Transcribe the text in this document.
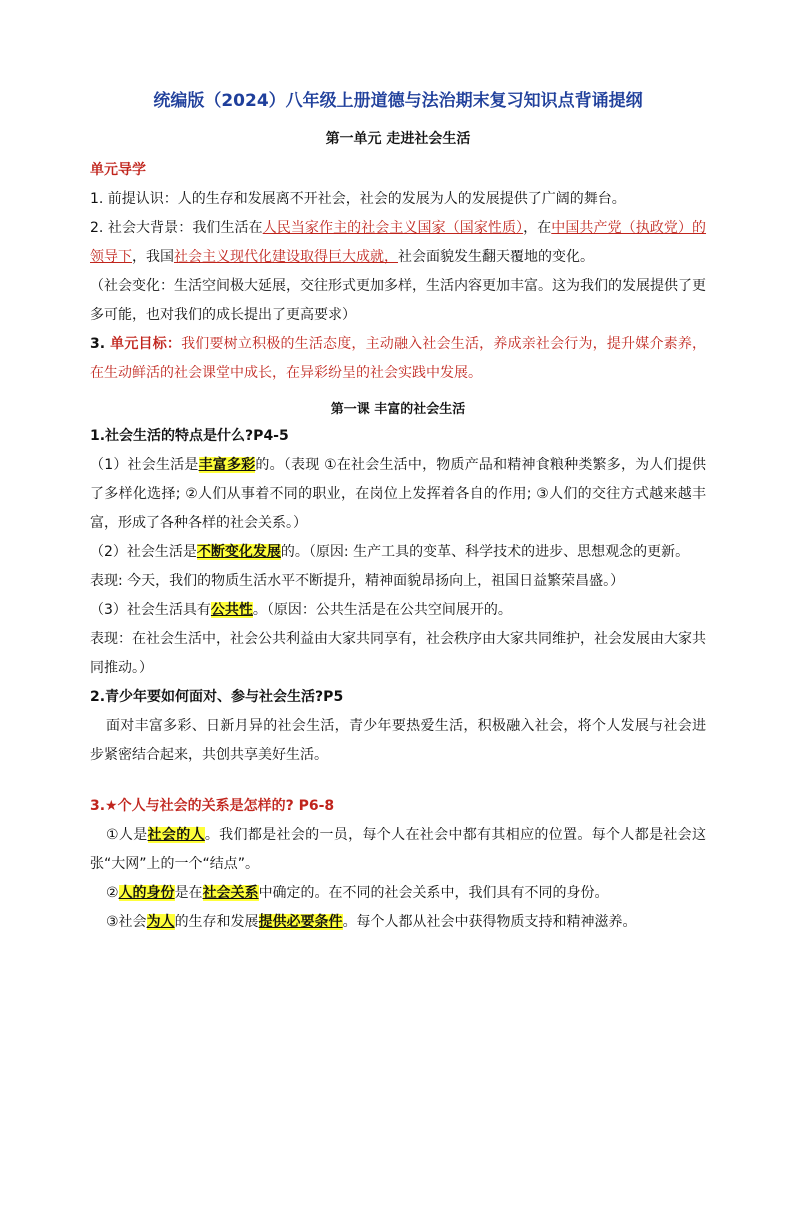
统编版（2024）八年级上册道德与法治期末复习知识点背诵提纲
第一单元 走进社会生活

单元导学

1. 前提认识：人的生存和发展离不开社会，社会的发展为人的发展提供了广阔的舞台。

2. 社会大背景：我们生活在人民当家作主的社会主义国家（国家性质），在中国共产党（执政党）的领导下，我国社会主义现代化建设取得巨大成就，社会面貌发生翻天覆地的变化。

（社会变化：生活空间极大延展，交往形式更加多样，生活内容更加丰富。这为我们的发展提供了更多可能，也对我们的成长提出了更高要求）

3. 单元目标：我们要树立积极的生活态度，主动融入社会生活，养成亲社会行为，提升媒介素养，在生动鲜活的社会课堂中成长，在异彩纷呈的社会实践中发展。

第一课 丰富的社会生活
1.社会生活的特点是什么?P4-5

（1）社会生活是丰富多彩的。（表现 ①在社会生活中，物质产品和精神食粮种类繁多，为人们提供了多样化选择; ②人们从事着不同的职业，在岗位上发挥着各自的作用; ③人们的交往方式越来越丰富，形成了各种各样的社会关系。）

（2）社会生活是不断变化发展的。（原因: 生产工具的变革、科学技术的进步、思想观念的更新。

表现: 今天，我们的物质生活水平不断提升，精神面貌昂扬向上，祖国日益繁荣昌盛。）

（3）社会生活具有公共性。（原因：公共生活是在公共空间展开的。

表现：在社会生活中，社会公共利益由大家共同享有，社会秩序由大家共同维护，社会发展由大家共同推动。）

2.青少年要如何面对、参与社会生活?P5

面对丰富多彩、日新月异的社会生活，青少年要热爱生活，积极融入社会，将个人发展与社会进步紧密结合起来，共创共享美好生活。

3.★个人与社会的关系是怎样的? P6-8

①人是社会的人。我们都是社会的一员，每个人在社会中都有其相应的位置。每个人都是社会这张“大网”上的一个“结点”。

②人的身份是在社会关系中确定的。在不同的社会关系中，我们具有不同的身份。

③社会为人的生存和发展提供必要条件。每个人都从社会中获得物质支持和精神滋养。
